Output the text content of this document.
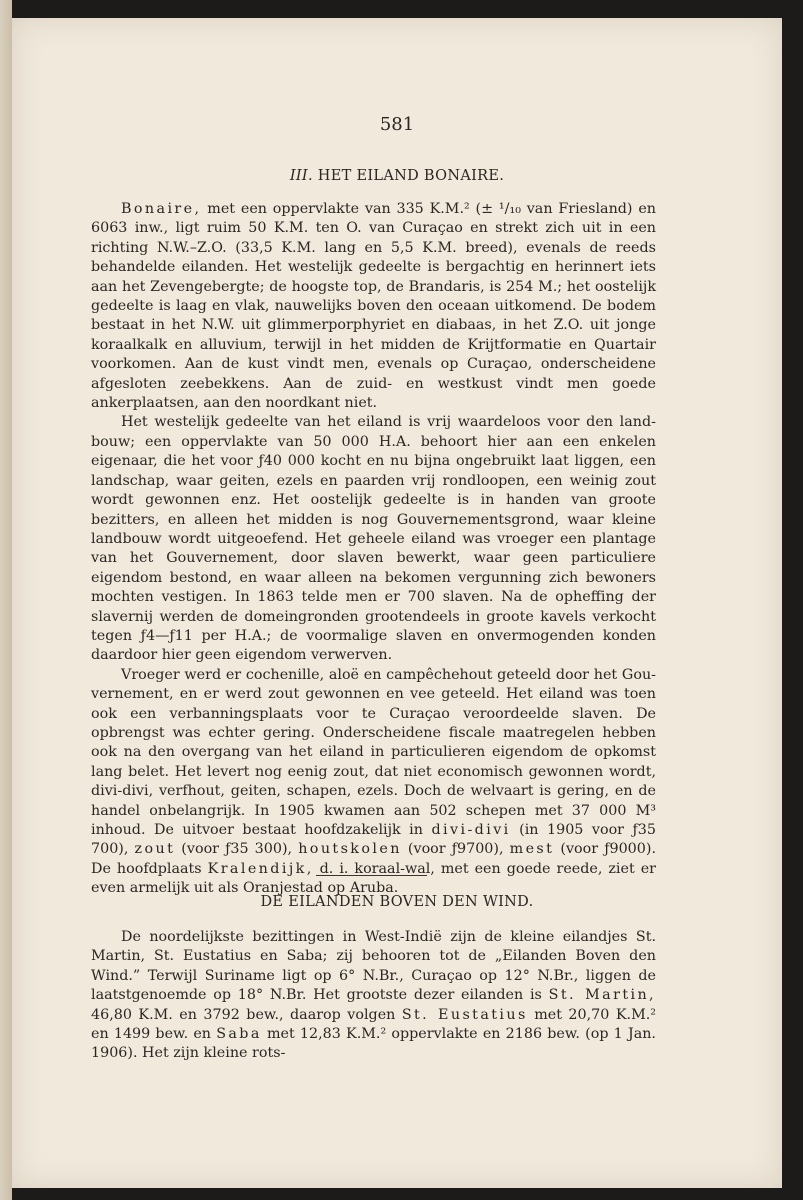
581
III. HET EILAND BONAIRE.

Bonaire, met een oppervlakte van 335 K.M.² (± ¹/₁₀ van Friesland) en 6063 inw., ligt ruim 50 K.M. ten O. van Curaçao en strekt zich uit in een richting N.W.–Z.O. (33,5 K.M. lang en 5,5 K.M. breed), evenals de reeds behandelde eilanden. Het westelijk gedeelte is bergachtig en herinnert iets aan het Zevengebergte; de hoogste top, de Brandaris, is 254 M.; het oostelijk gedeelte is laag en vlak, nauwelijks boven den oceaan uitkomend. De bodem bestaat in het N.W. uit glimmerporphyriet en diabaas, in het Z.O. uit jonge koraalkalk en alluvium, terwijl in het midden de Krijtformatie en Quartair voorkomen. Aan de kust vindt men, evenals op Curaçao, onderscheidene afgesloten zeebekkens. Aan de zuid- en westkust vindt men goede ankerplaatsen, aan den noordkant niet.

Het westelijk gedeelte van het eiland is vrij waardeloos voor den landbouw; een oppervlakte van 50 000 H.A. behoort hier aan een enkelen eigenaar, die het voor ƒ40 000 kocht en nu bijna ongebruikt laat liggen, een landschap, waar geiten, ezels en paarden vrij rondloopen, een weinig zout wordt gewonnen enz. Het oostelijk gedeelte is in handen van groote bezitters, en alleen het midden is nog Gouvernementsgrond, waar kleine landbouw wordt uitgeoefend. Het geheele eiland was vroeger een plantage van het Gouvernement, door slaven bewerkt, waar geen particuliere eigendom bestond, en waar alleen na bekomen vergunning zich bewoners mochten vestigen. In 1863 telde men er 700 slaven. Na de opheffing der slavernij werden de domeingronden grootendeels in groote kavels verkocht tegen ƒ4—ƒ11 per H.A.; de voormalige slaven en onvermogenden konden daardoor hier geen eigendom verwerven.

Vroeger werd er cochenille, aloë en campêchehout geteeld door het Gouvernement, en er werd zout gewonnen en vee geteeld. Het eiland was toen ook een verbanningsplaats voor te Curaçao veroordeelde slaven. De opbrengst was echter gering. Onderscheidene fiscale maatregelen hebben ook na den overgang van het eiland in particulieren eigendom de opkomst lang belet. Het levert nog eenig zout, dat niet economisch gewonnen wordt, divi-divi, verfhout, geiten, schapen, ezels. Doch de welvaart is gering, en de handel onbelangrijk. In 1905 kwamen aan 502 schepen met 37 000 M³ inhoud. De uitvoer bestaat hoofdzakelijk in divi-divi (in 1905 voor ƒ35 700), zout (voor ƒ35 300), houtskolen (voor ƒ9700), mest (voor ƒ9000). De hoofdplaats Kralendijk, d. i. koraal-wal, met een goede reede, ziet er even armelijk uit als Oranjestad op Aruba.

DE EILANDEN BOVEN DEN WIND.

De noordelijkste bezittingen in West-Indië zijn de kleine eilandjes St. Martin, St. Eustatius en Saba; zij behooren tot de „Eilanden Boven den Wind.” Terwijl Suriname ligt op 6° N.Br., Curaçao op 12° N.Br., liggen de laatstgenoemde op 18° N.Br. Het grootste dezer eilanden is St. Martin, 46,80 K.M. en 3792 bew., daarop volgen St. Eustatius met 20,70 K.M.² en 1499 bew. en Saba met 12,83 K.M.² oppervlakte en 2186 bew. (op 1 Jan. 1906). Het zijn kleine rots-
